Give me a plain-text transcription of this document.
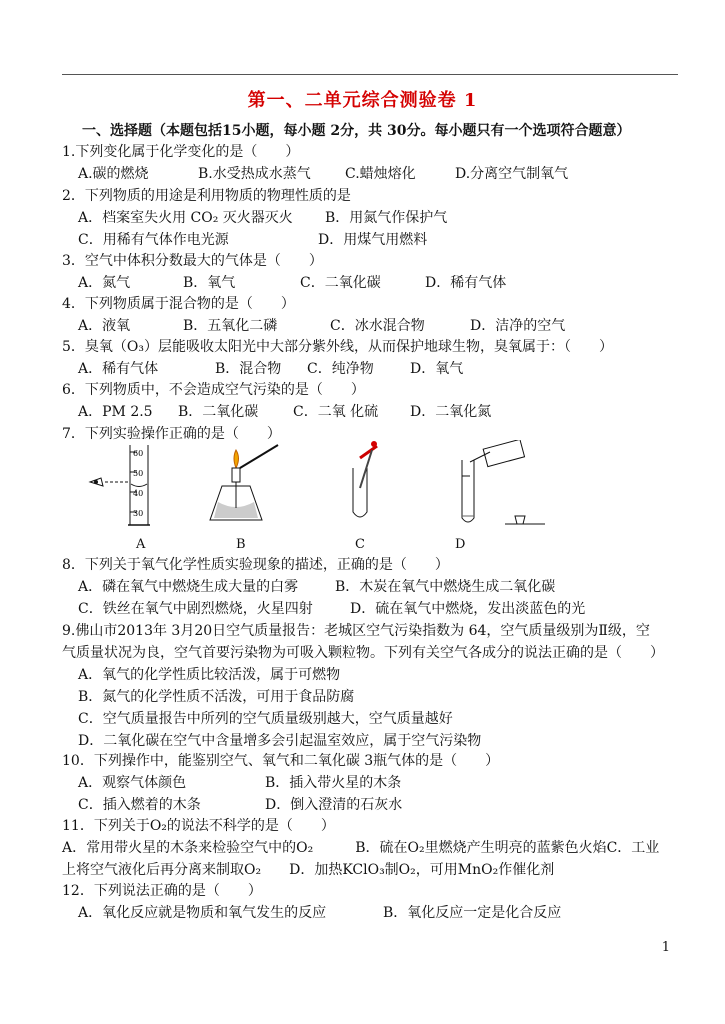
第一、二单元综合测验卷 1
一、选择题（本题包括15小题，每小题 2分，共 30分。每小题只有一个选项符合题意）
1.下列变化属于化学变化的是（　　）
A.碳的燃烧	B.水受热成水蒸气 C.蜡烛熔化	D.分离空气制氧气
2．下列物质的用途是利用物质的物理性质的是
A．档案室失火用 CO₂ 灭火器灭火 B．用氮气作保护气
C．用稀有气体作电光源	D．用煤气用燃料
3．空气中体积分数最大的气体是（　　）
A．氮气	B．氧气	C．二氧化碳	D．稀有气体
4．下列物质属于混合物的是（　　）
A．液氧	B．五氧化二磷	C．冰水混合物	D．洁净的空气
5．臭氧（O₃）层能吸收太阳光中大部分紫外线，从而保护地球生物，臭氧属于：（　　）
A．稀有气体	B．混合物 C．纯净物	D．氧气
6．下列物质中，不会造成空气污染的是（　　）
A．PM 2.5 B．二氧化碳 C．二氧 化硫 D．二氧化氮
7．下列实验操作正确的是（　　）
60
50
40
30
A	B	C	D
8．下列关于氧气化学性质实验现象的描述，正确的是（　　）
A．磷在氧气中燃烧生成大量的白雾	B．木炭在氧气中燃烧生成二氧化碳
C．铁丝在氧气中剧烈燃烧，火星四射	D．硫在氧气中燃烧，发出淡蓝色的光
9.佛山市2013年 3月20日空气质量报告：老城区空气污染指数为 64，空气质量级别为Ⅱ级，空
气质量状况为良，空气首要污染物为可吸入颗粒物。下列有关空气各成分的说法正确的是（　　）
A．氧气的化学性质比较活泼，属于可燃物
B．氮气的化学性质不活泼，可用于食品防腐
C．空气质量报告中所列的空气质量级别越大，空气质量越好
D．二氧化碳在空气中含量增多会引起温室效应，属于空气污染物
10．下列操作中，能鉴别空气、氧气和二氧化碳 3瓶气体的是（　　）
A．观察气体颜色	B．插入带火星的木条
C．插入燃着的木条	D．倒入澄清的石灰水
11．下列关于O₂的说法不科学的是（　　）
A．常用带火星的木条来检验空气中的O₂　　　B．硫在O₂里燃烧产生明亮的蓝紫色火焰C．工业
上将空气液化后再分离来制取O₂　　D．加热KClO₃制O₂，可用MnO₂作催化剂
12．下列说法正确的是（　　）
A．氧化反应就是物质和氧气发生的反应	B．氧化反应一定是化合反应
1
